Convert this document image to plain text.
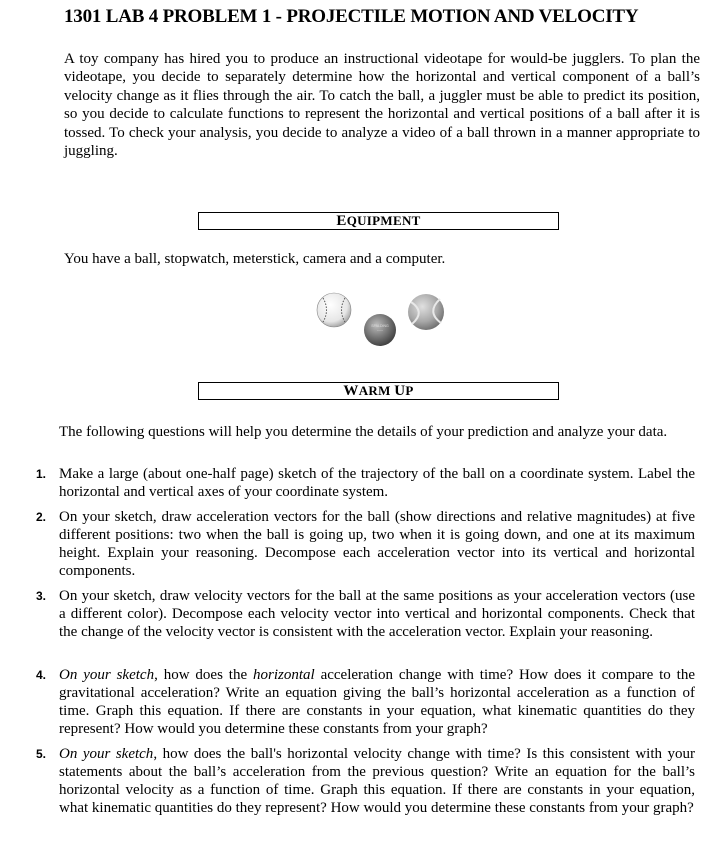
1301 LAB 4 PROBLEM 1 - PROJECTILE MOTION AND VELOCITY

A toy company has hired you to produce an instructional videotape for would-be jugglers. To plan the videotape, you decide to separately determine how the horizontal and vertical component of a ball’s velocity change as it flies through the air. To catch the ball, a juggler must be able to predict its position, so you decide to calculate functions to represent the horizontal and vertical positions of a ball after it is tossed. To check your analysis, you decide to analyze a video of a ball thrown in a manner appropriate to juggling.

EQUIPMENT
You have a ball, stopwatch, meterstick, camera and a computer.
SPALDING
~~~
WARM UP

The following questions will help you determine the details of your prediction and analyze your data.

1. Make a large (about one-half page) sketch of the trajectory of the ball on a coordinate system. Label the horizontal and vertical axes of your coordinate system.

2. On your sketch, draw acceleration vectors for the ball (show directions and relative magnitudes) at five different positions: two when the ball is going up, two when it is going down, and one at its maximum height. Explain your reasoning. Decompose each acceleration vector into its vertical and horizontal components.

3. On your sketch, draw velocity vectors for the ball at the same positions as your acceleration vectors (use a different color). Decompose each velocity vector into vertical and horizontal components. Check that the change of the velocity vector is consistent with the acceleration vector. Explain your reasoning.

4. On your sketch, how does the horizontal acceleration change with time? How does it compare to the gravitational acceleration? Write an equation giving the ball’s horizontal acceleration as a function of time. Graph this equation. If there are constants in your equation, what kinematic quantities do they represent? How would you determine these constants from your graph?

5. On your sketch, how does the ball's horizontal velocity change with time? Is this consistent with your statements about the ball’s acceleration from the previous question? Write an equation for the ball’s horizontal velocity as a function of time. Graph this equation. If there are constants in your equation, what kinematic quantities do they represent? How would you determine these constants from your graph?
